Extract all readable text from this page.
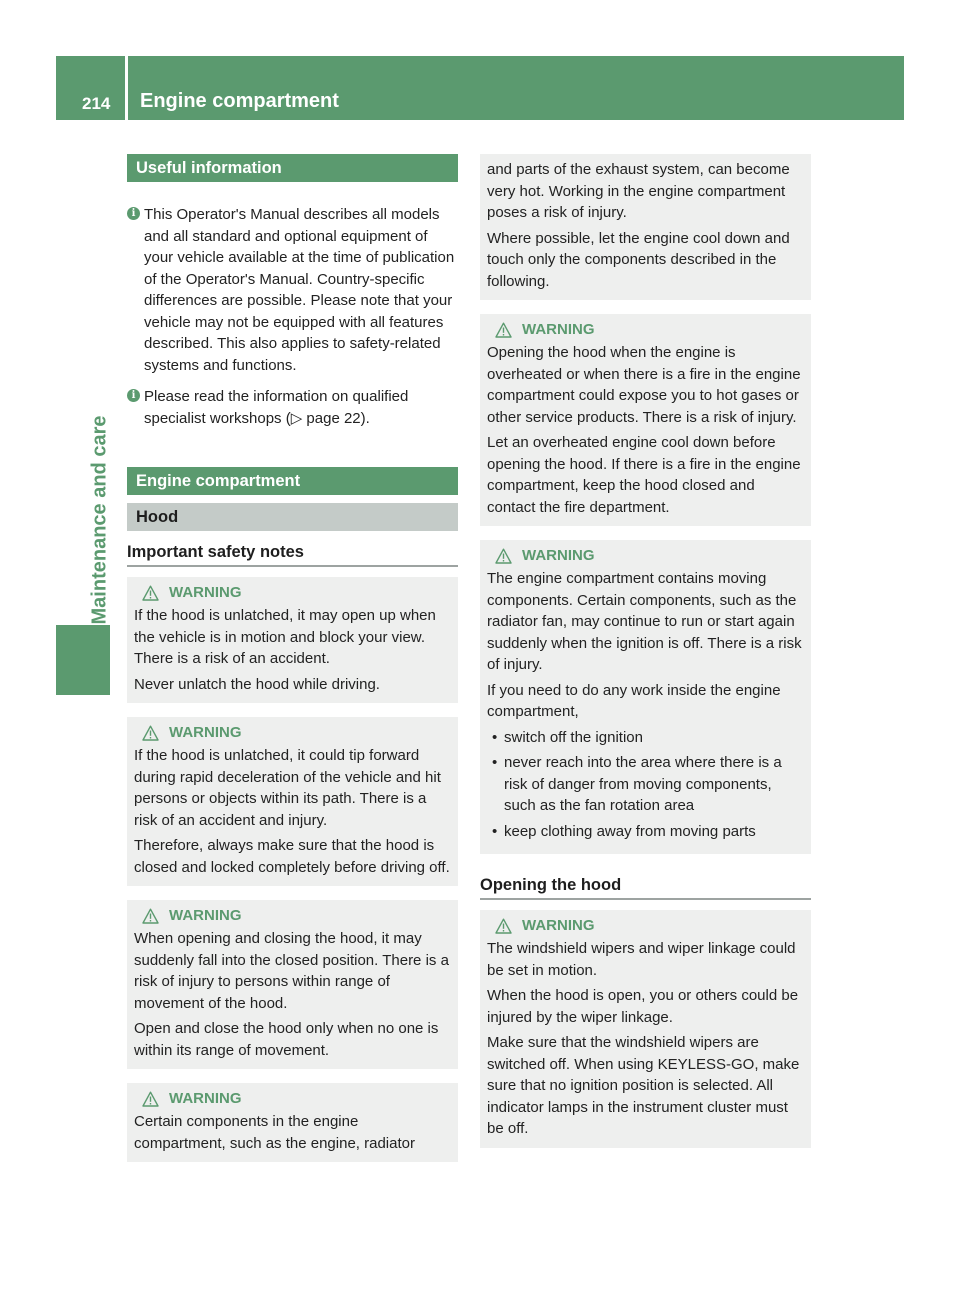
214 Engine compartment
Maintenance and care
Useful information
i This Operator's Manual describes all models and all standard and optional equipment of your vehicle available at the time of publication of the Operator's Manual. Country-specific differences are possible. Please note that your vehicle may not be equipped with all features described. This also applies to safety-related systems and functions.
i Please read the information on qualified specialist workshops (▷ page 22).
Engine compartment
Hood
Important safety notes
WARNING

If the hood is unlatched, it may open up when the vehicle is in motion and block your view. There is a risk of an accident.

Never unlatch the hood while driving.

WARNING

If the hood is unlatched, it could tip forward during rapid deceleration of the vehicle and hit persons or objects within its path. There is a risk of an accident and injury.

Therefore, always make sure that the hood is closed and locked completely before driving off.

WARNING

When opening and closing the hood, it may suddenly fall into the closed position. There is a risk of injury to persons within range of movement of the hood.

Open and close the hood only when no one is within its range of movement.

WARNING

Certain components in the engine compartment, such as the engine, radiator

and parts of the exhaust system, can become very hot. Working in the engine compartment poses a risk of injury.

Where possible, let the engine cool down and touch only the components described in the following.

WARNING

Opening the hood when the engine is overheated or when there is a fire in the engine compartment could expose you to hot gases or other service products. There is a risk of injury.

Let an overheated engine cool down before opening the hood. If there is a fire in the engine compartment, keep the hood closed and contact the fire department.

WARNING

The engine compartment contains moving components. Certain components, such as the radiator fan, may continue to run or start again suddenly when the ignition is off. There is a risk of injury.

If you need to do any work inside the engine compartment,

• switch off the ignition
• never reach into the area where there is a risk of danger from moving components, such as the fan rotation area
• keep clothing away from moving parts
Opening the hood
WARNING

The windshield wipers and wiper linkage could be set in motion.

When the hood is open, you or others could be injured by the wiper linkage.

Make sure that the windshield wipers are switched off. When using KEYLESS-GO, make sure that no ignition position is selected. All indicator lamps in the instrument cluster must be off.
